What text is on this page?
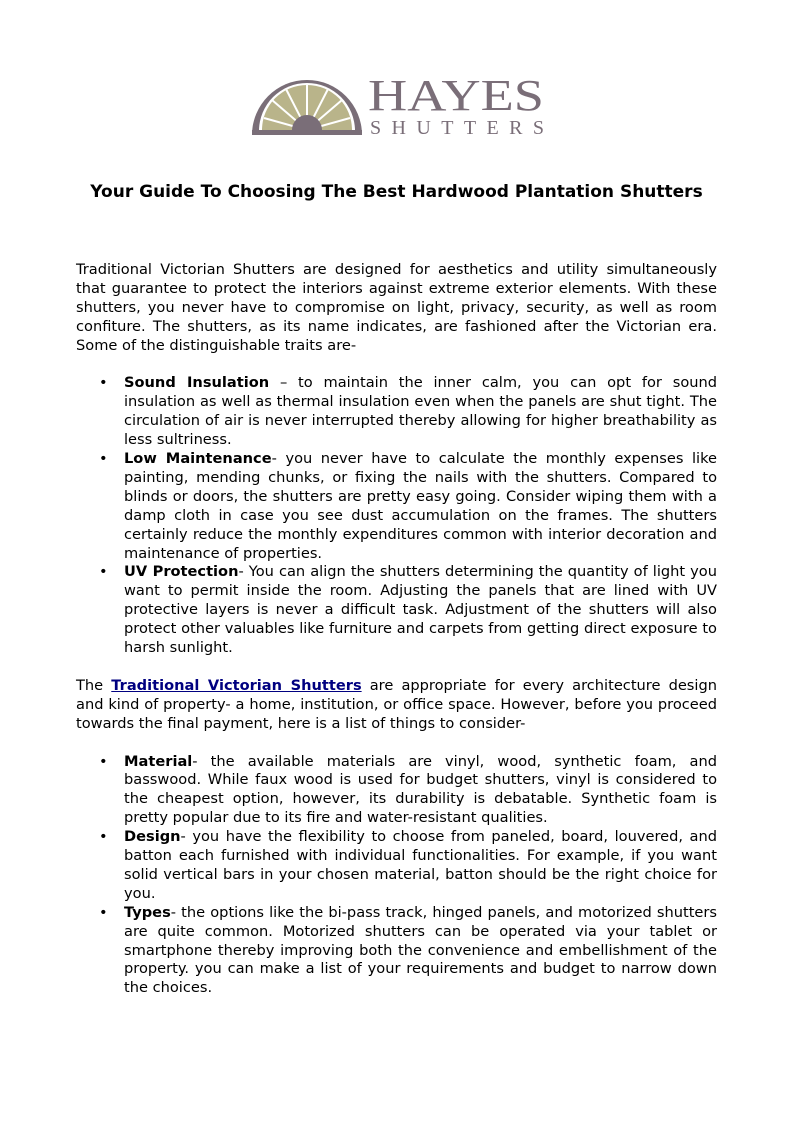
HAYES
SHUTTERS
Your Guide To Choosing The Best Hardwood Plantation Shutters

Traditional Victorian Shutters are designed for aesthetics and utility simultaneously that guarantee to protect the interiors against extreme exterior elements. With these shutters, you never have to compromise on light, privacy, security, as well as room confiture. The shutters, as its name indicates, are fashioned after the Victorian era. Some of the distinguishable traits are-

• Sound Insulation – to maintain the inner calm, you can opt for sound insulation as well as thermal insulation even when the panels are shut tight. The circulation of air is never interrupted thereby allowing for higher breathability as less sultriness.
• Low Maintenance- you never have to calculate the monthly expenses like painting, mending chunks, or fixing the nails with the shutters. Compared to blinds or doors, the shutters are pretty easy going. Consider wiping them with a damp cloth in case you see dust accumulation on the frames. The shutters certainly reduce the monthly expenditures common with interior decoration and maintenance of properties.
• UV Protection- You can align the shutters determining the quantity of light you want to permit inside the room. Adjusting the panels that are lined with UV protective layers is never a difficult task. Adjustment of the shutters will also protect other valuables like furniture and carpets from getting direct exposure to harsh sunlight.

The Traditional Victorian Shutters are appropriate for every architecture design and kind of property- a home, institution, or office space. However, before you proceed towards the final payment, here is a list of things to consider-

• Material- the available materials are vinyl, wood, synthetic foam, and basswood. While faux wood is used for budget shutters, vinyl is considered to the cheapest option, however, its durability is debatable. Synthetic foam is pretty popular due to its fire and water-resistant qualities.
• Design- you have the flexibility to choose from paneled, board, louvered, and batton each furnished with individual functionalities. For example, if you want solid vertical bars in your chosen material, batton should be the right choice for you.
• Types- the options like the bi-pass track, hinged panels, and motorized shutters are quite common. Motorized shutters can be operated via your tablet or smartphone thereby improving both the convenience and embellishment of the property. you can make a list of your requirements and budget to narrow down the choices.
